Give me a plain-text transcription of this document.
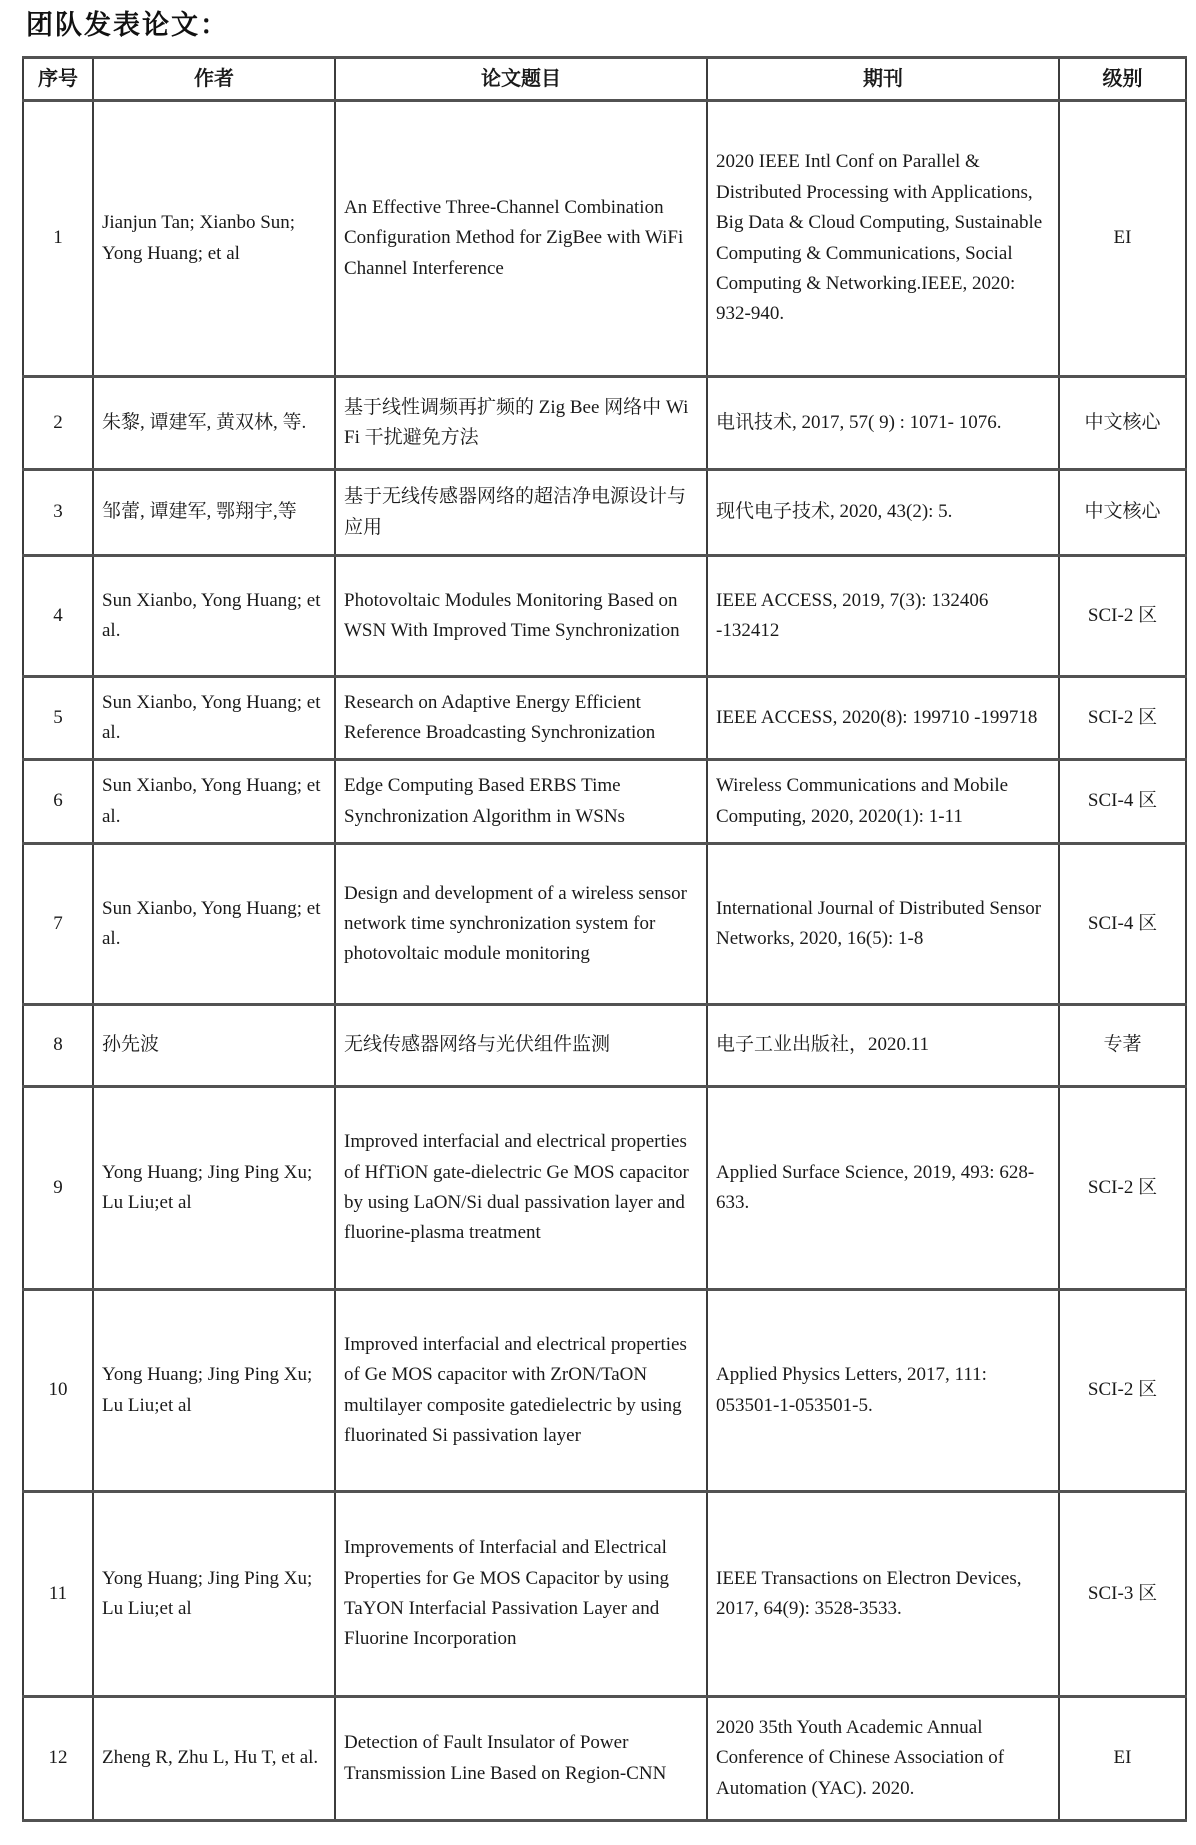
团队发表论文：
序号	作者	论文题目	期刊	级别
1	Jianjun Tan; Xianbo Sun; Yong Huang; et al	An Effective Three-Channel Combination Configuration Method for ZigBee with WiFi Channel Interference	2020 IEEE Intl Conf on Parallel & Distributed Processing with Applications, Big Data & Cloud Computing, Sustainable Computing & Communications, Social Computing & Networking.IEEE, 2020: 932-940.	EI
2	朱黎, 谭建军, 黄双林, 等.	基于线性调频再扩频的 Zig Bee 网络中 Wi Fi 干扰避免方法	电讯技术, 2017, 57( 9) : 1071- 1076.	中文核心
3	邹蕾, 谭建军, 鄂翔宇,等	基于无线传感器网络的超洁净电源设计与应用	现代电子技术, 2020, 43(2): 5.	中文核心
4	Sun Xianbo, Yong Huang; et al.	Photovoltaic Modules Monitoring Based on WSN With Improved Time Synchronization	IEEE ACCESS, 2019, 7(3): 132406 -132412	SCI-2 区
5	Sun Xianbo, Yong Huang; et al.	Research on Adaptive Energy Efficient Reference Broadcasting Synchronization	IEEE ACCESS, 2020(8): 199710 -199718	SCI-2 区
6	Sun Xianbo, Yong Huang; et al.	Edge Computing Based ERBS Time Synchronization Algorithm in WSNs	Wireless Communications and Mobile Computing, 2020, 2020(1): 1-11	SCI-4 区
7	Sun Xianbo, Yong Huang; et al.	Design and development of a wireless sensor network time synchronization system for photovoltaic module monitoring	International Journal of Distributed Sensor Networks, 2020, 16(5): 1-8	SCI-4 区
8	孙先波	无线传感器网络与光伏组件监测	电子工业出版社，2020.11	专著
9	Yong Huang; Jing Ping Xu; Lu Liu;et al	Improved interfacial and electrical properties of HfTiON gate-dielectric Ge MOS capacitor by using LaON/Si dual passivation layer and fluorine-plasma treatment	Applied Surface Science, 2019, 493: 628-633.	SCI-2 区
10	Yong Huang; Jing Ping Xu; Lu Liu;et al	Improved interfacial and electrical properties of Ge MOS capacitor with ZrON/TaON multilayer composite gatedielectric by using fluorinated Si passivation layer	Applied Physics Letters, 2017, 111: 053501-1-053501-5.	SCI-2 区
11	Yong Huang; Jing Ping Xu; Lu Liu;et al	Improvements of Interfacial and Electrical Properties for Ge MOS Capacitor by using TaYON Interfacial Passivation Layer and Fluorine Incorporation	IEEE Transactions on Electron Devices, 2017, 64(9): 3528-3533.	SCI-3 区
12	Zheng R, Zhu L, Hu T, et al.	Detection of Fault Insulator of Power Transmission Line Based on Region-CNN	2020 35th Youth Academic Annual Conference of Chinese Association of Automation (YAC). 2020.	EI
